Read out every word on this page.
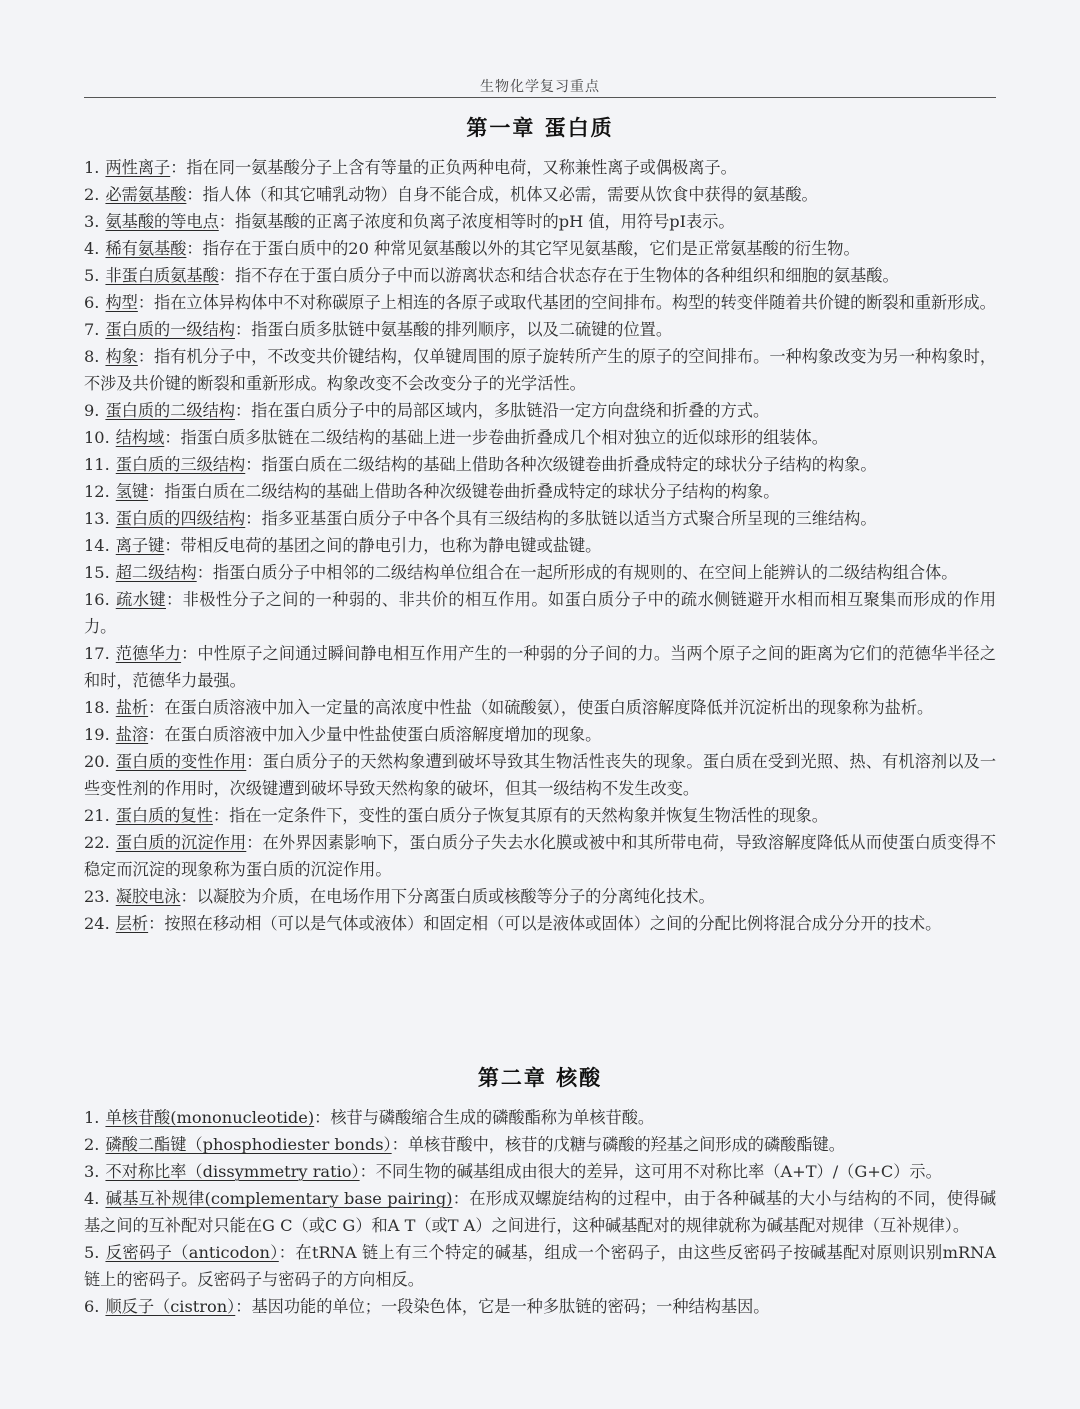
生物化学复习重点
第一章 蛋白质
1. 两性离子：指在同一氨基酸分子上含有等量的正负两种电荷，又称兼性离子或偶极离子。
2. 必需氨基酸：指人体（和其它哺乳动物）自身不能合成，机体又必需，需要从饮食中获得的氨基酸。
3. 氨基酸的等电点：指氨基酸的正离子浓度和负离子浓度相等时的pH 值，用符号pI表示。
4. 稀有氨基酸：指存在于蛋白质中的20 种常见氨基酸以外的其它罕见氨基酸，它们是正常氨基酸的衍生物。
5. 非蛋白质氨基酸：指不存在于蛋白质分子中而以游离状态和结合状态存在于生物体的各种组织和细胞的氨基酸。
6. 构型：指在立体异构体中不对称碳原子上相连的各原子或取代基团的空间排布。构型的转变伴随着共价键的断裂和重新形成。
7. 蛋白质的一级结构：指蛋白质多肽链中氨基酸的排列顺序，以及二硫键的位置。
8. 构象：指有机分子中，不改变共价键结构，仅单键周围的原子旋转所产生的原子的空间排布。一种构象改变为另一种构象时，不涉及共价键的断裂和重新形成。构象改变不会改变分子的光学活性。
9. 蛋白质的二级结构：指在蛋白质分子中的局部区域内，多肽链沿一定方向盘绕和折叠的方式。
10. 结构域：指蛋白质多肽链在二级结构的基础上进一步卷曲折叠成几个相对独立的近似球形的组装体。
11. 蛋白质的三级结构：指蛋白质在二级结构的基础上借助各种次级键卷曲折叠成特定的球状分子结构的构象。
12. 氢键：指蛋白质在二级结构的基础上借助各种次级键卷曲折叠成特定的球状分子结构的构象。
13. 蛋白质的四级结构：指多亚基蛋白质分子中各个具有三级结构的多肽链以适当方式聚合所呈现的三维结构。
14. 离子键：带相反电荷的基团之间的静电引力，也称为静电键或盐键。
15. 超二级结构：指蛋白质分子中相邻的二级结构单位组合在一起所形成的有规则的、在空间上能辨认的二级结构组合体。
16. 疏水键：非极性分子之间的一种弱的、非共价的相互作用。如蛋白质分子中的疏水侧链避开水相而相互聚集而形成的作用力。
17. 范德华力：中性原子之间通过瞬间静电相互作用产生的一种弱的分子间的力。当两个原子之间的距离为它们的范德华半径之和时，范德华力最强。
18. 盐析：在蛋白质溶液中加入一定量的高浓度中性盐（如硫酸氨），使蛋白质溶解度降低并沉淀析出的现象称为盐析。
19. 盐溶：在蛋白质溶液中加入少量中性盐使蛋白质溶解度增加的现象。
20. 蛋白质的变性作用：蛋白质分子的天然构象遭到破坏导致其生物活性丧失的现象。蛋白质在受到光照、热、有机溶剂以及一些变性剂的作用时，次级键遭到破坏导致天然构象的破坏，但其一级结构不发生改变。
21. 蛋白质的复性：指在一定条件下，变性的蛋白质分子恢复其原有的天然构象并恢复生物活性的现象。
22. 蛋白质的沉淀作用：在外界因素影响下，蛋白质分子失去水化膜或被中和其所带电荷，导致溶解度降低从而使蛋白质变得不稳定而沉淀的现象称为蛋白质的沉淀作用。
23. 凝胶电泳：以凝胶为介质，在电场作用下分离蛋白质或核酸等分子的分离纯化技术。
24. 层析：按照在移动相（可以是气体或液体）和固定相（可以是液体或固体）之间的分配比例将混合成分分开的技术。
第二章 核酸
1. 单核苷酸(mononucleotide)：核苷与磷酸缩合生成的磷酸酯称为单核苷酸。
2. 磷酸二酯键（phosphodiester bonds）：单核苷酸中，核苷的戊糖与磷酸的羟基之间形成的磷酸酯键。
3. 不对称比率（dissymmetry ratio）：不同生物的碱基组成由很大的差异，这可用不对称比率（A+T）/（G+C）示。
4. 碱基互补规律(complementary base pairing)：在形成双螺旋结构的过程中，由于各种碱基的大小与结构的不同，使得碱基之间的互补配对只能在G C（或C G）和A T（或T A）之间进行，这种碱基配对的规律就称为碱基配对规律（互补规律）。
5. 反密码子（anticodon）：在tRNA 链上有三个特定的碱基，组成一个密码子，由这些反密码子按碱基配对原则识别mRNA 链上的密码子。反密码子与密码子的方向相反。
6. 顺反子（cistron）：基因功能的单位；一段染色体，它是一种多肽链的密码；一种结构基因。
